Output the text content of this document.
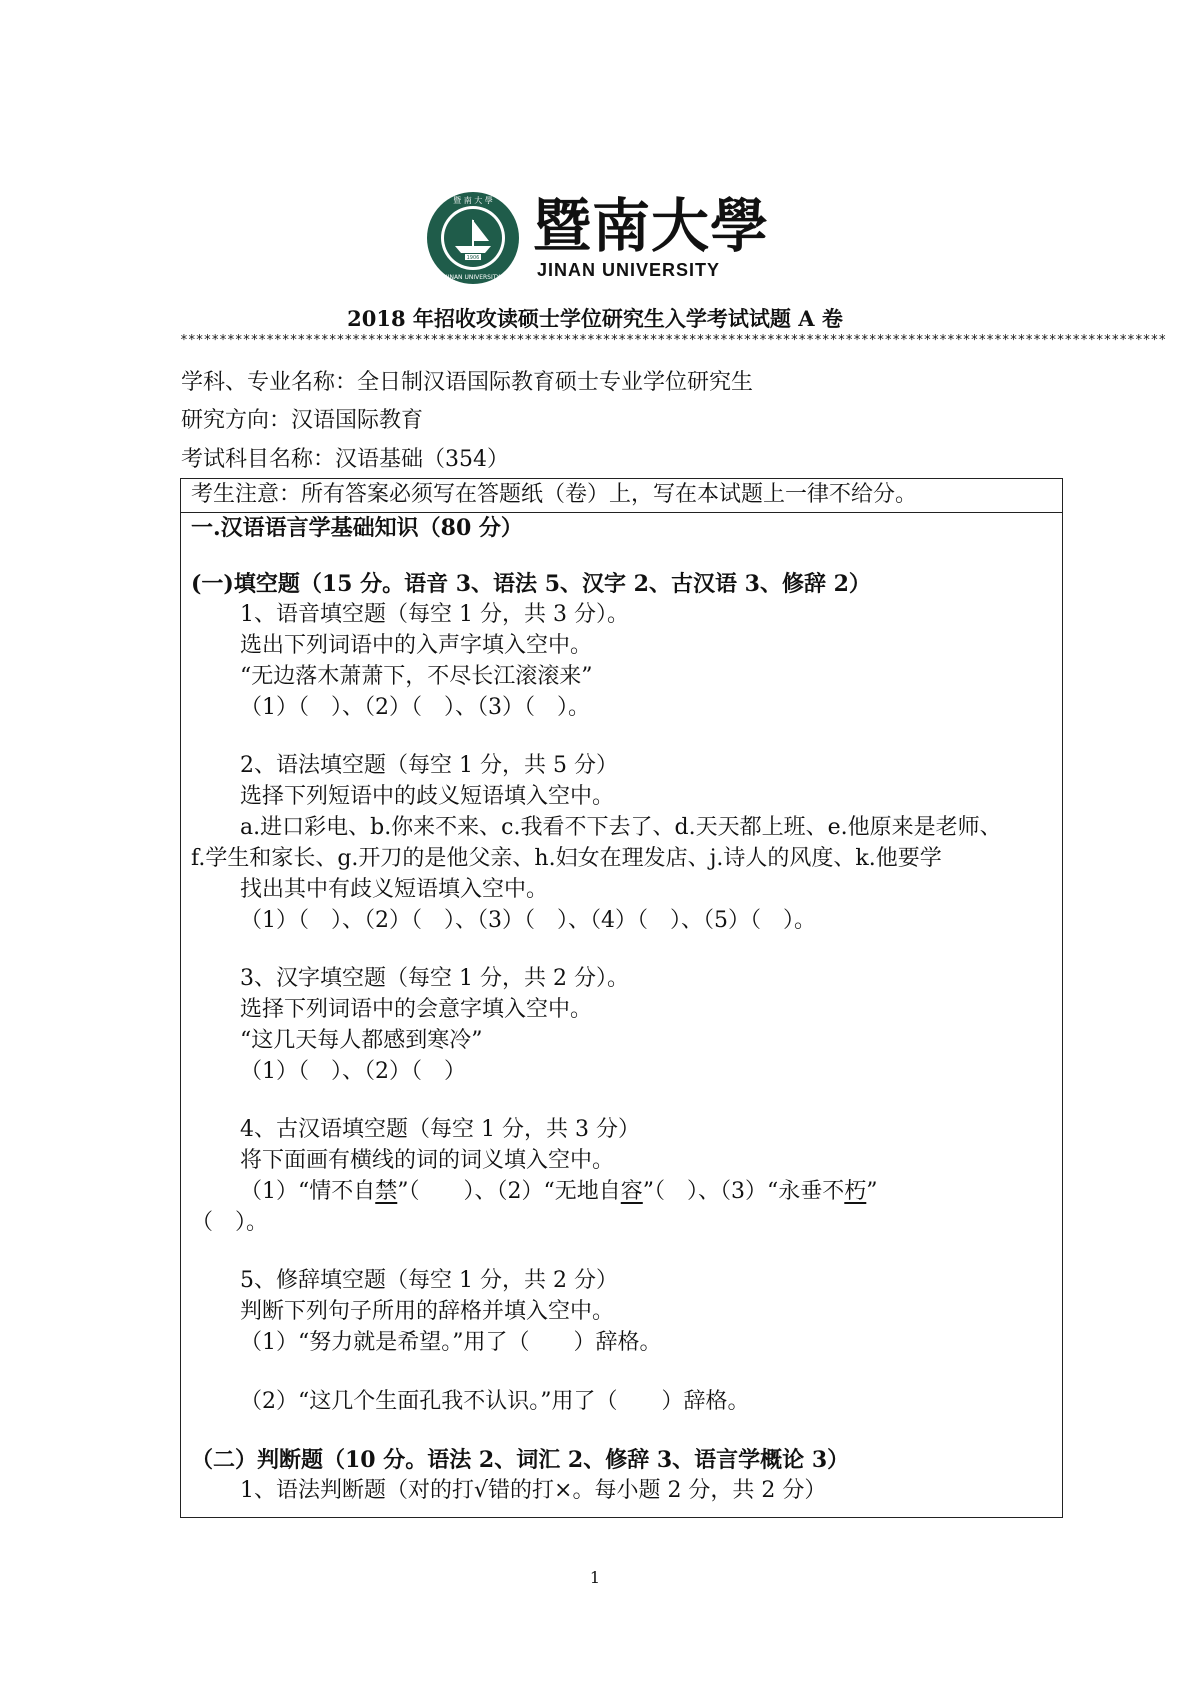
1906
暨 南 大 學
JINAN UNIVERSITY
暨南大學
JINAN UNIVERSITY
2018 年招收攻读硕士学位研究生入学考试试题 A 卷
******************************************************************************************************************************
学科、专业名称：全日制汉语国际教育硕士专业学位研究生
研究方向：汉语国际教育
考试科目名称：汉语基础（354）
考生注意：所有答案必须写在答题纸（卷）上，写在本试题上一律不给分。
一.汉语语言学基础知识（80 分）
(一)填空题（15 分。语音 3、语法 5、汉字 2、古汉语 3、修辞 2）
1、语音填空题（每空 1 分，共 3 分）。
选出下列词语中的入声字填入空中。
“无边落木萧萧下，不尽长江滚滚来”
（1）（　）、（2）（　）、（3）（　）。
2、语法填空题（每空 1 分，共 5 分）
选择下列短语中的歧义短语填入空中。
a.进口彩电、b.你来不来、c.我看不下去了、d.天天都上班、e.他原来是老师、
f.学生和家长、g.开刀的是他父亲、h.妇女在理发店、j.诗人的风度、k.他要学
找出其中有歧义短语填入空中。
（1）（　）、（2）（　）、（3）（　）、（4）（　）、（5）（　）。
3、汉字填空题（每空 1 分，共 2 分）。
选择下列词语中的会意字填入空中。
“这几天每人都感到寒冷”
（1）（　）、（2）（　）
4、古汉语填空题（每空 1 分，共 3 分）
将下面画有横线的词的词义填入空中。
（1）“情不自禁”（　　）、（2）“无地自容”（　）、（3）“永垂不朽”
（　）。
5、修辞填空题（每空 1 分，共 2 分）
判断下列句子所用的辞格并填入空中。
（1）“努力就是希望。”用了（　　）辞格。
（2）“这几个生面孔我不认识。”用了（　　）辞格。
（二）判断题（10 分。语法 2、词汇 2、修辞 3、语言学概论 3）
1、语法判断题（对的打√错的打×。每小题 2 分，共 2 分）
1
